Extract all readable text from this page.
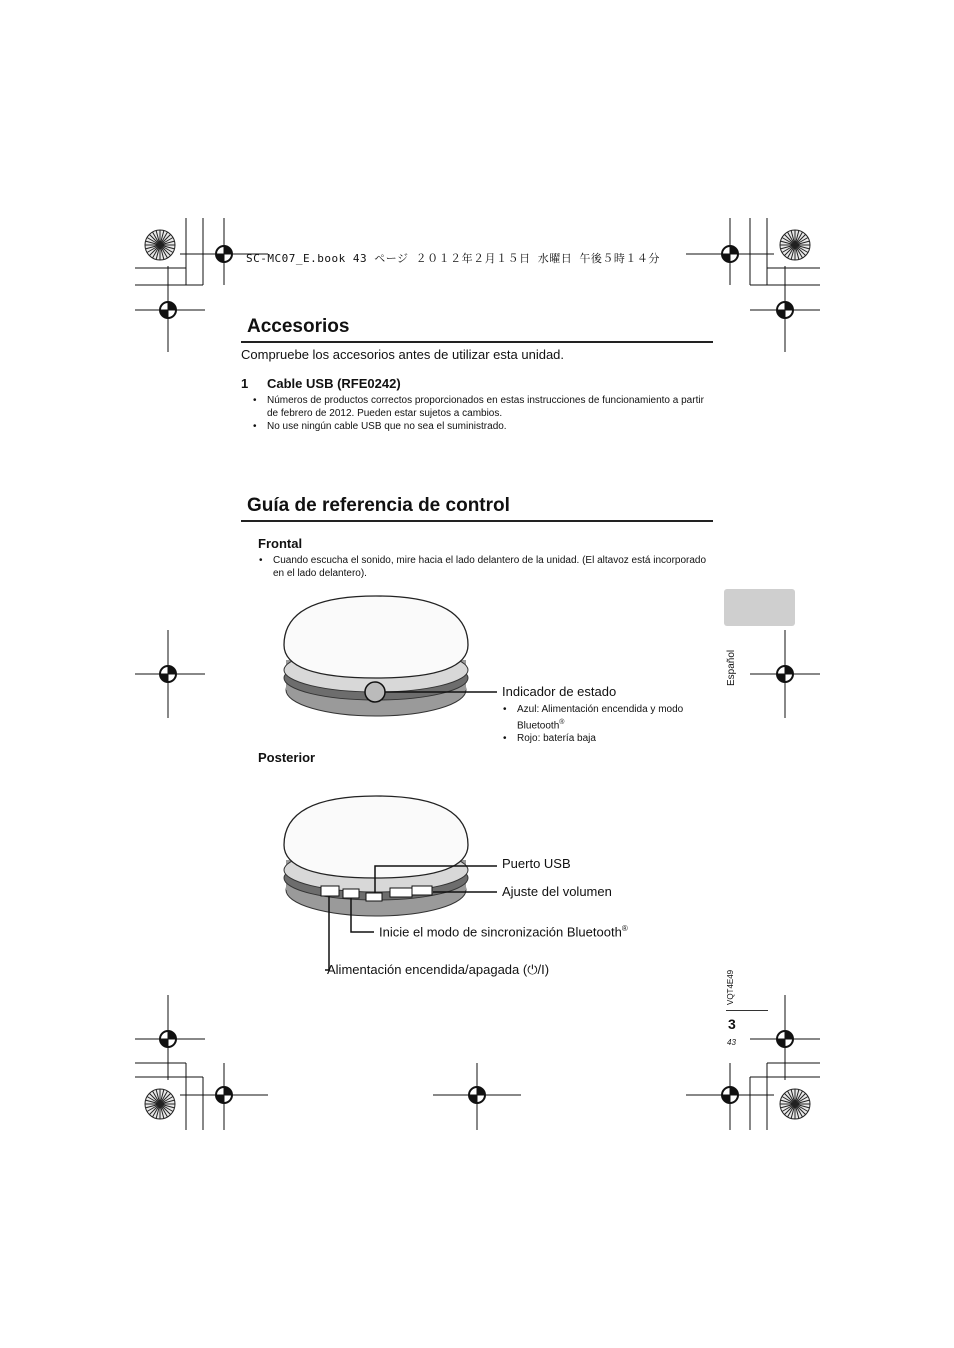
SC-MC07_E.book 43 ページ ２０１２年２月１５日 水曜日 午後５時１４分
Accesorios
Compruebe los accesorios antes de utilizar esta unidad.
1 Cable USB (RFE0242)
• Números de productos correctos proporcionados en estas instrucciones de funcionamiento a partir de febrero de 2012. Pueden estar sujetos a cambios.
• No use ningún cable USB que no sea el suministrado.
Guía de referencia de control
Frontal
• Cuando escucha el sonido, mire hacia el lado delantero de la unidad. (El altavoz está incorporado en el lado delantero).
Indicador de estado
• Azul: Alimentación encendida y modo Bluetooth®
• Rojo: batería baja
Posterior
Puerto USB
Ajuste del volumen
Inicie el modo de sincronización Bluetooth®
Alimentación encendida/apagada (⏻/I)
Español
VQT4E49
3
43
